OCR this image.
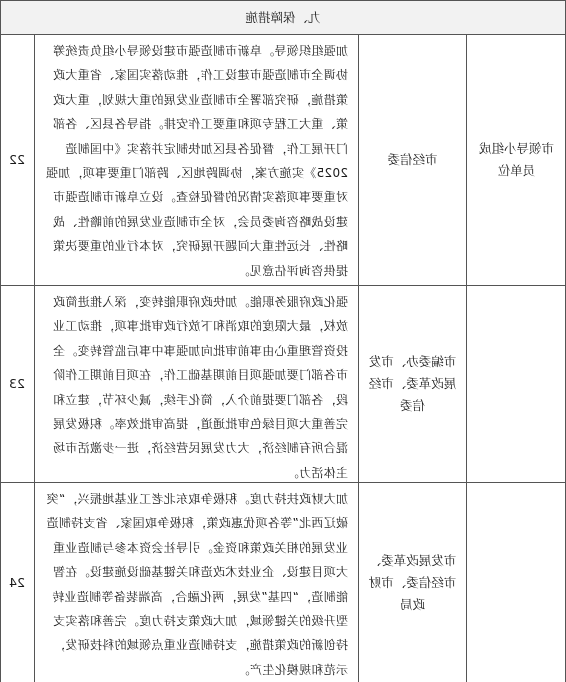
九、保障措施
市领导小组成员单位
市经信委
加强组织领导。阜新市制造强市建设领导小组负责统筹协调全市制造强市建设工作，推动落实国家、省重大政策措施，研究部署全市制造业发展的重大规划，重大政策、重大工程专项和重要工作安排。指导各县区、各部门开展工作，督促各县区加快制定并落实《中国制造2025》实施方案，协调跨地区、跨部门重要事项，加强对重要事项落实情况的督促检查。设立阜新市制造强市建设战略咨询委员会，对全市制造业发展的前瞻性、战略性、长远性重大问题开展研究，对本行业的重要决策提供咨询评估意见。
22
市编委办、市发展改革委、市经信委
强化政府服务职能。加快政府职能转变，深入推进简政放权，最大限度的取消和下放行政审批事项，推动工业投资管理重心由事前审批向加强事中事后监管转变。全市各部门要加强项目前期基础工作，在项目前期工作阶段，各部门要提前介入，简化手续，减少环节，建立和完善重大项目绿色审批通道，提高审批效率。积极发展混合所有制经济，大力发展民营经济，进一步激活市场主体活力。
23
市发展改革委、市经信委、市财政局
加大财政扶持力度。积极争取东北老工业基地振兴，“突破辽西北”等各项优惠政策，积极争取国家、省支持制造业发展的相关政策和资金。引导社会资本参与制造业重大项目建设、企业技术改造和关键基础设施建设。在智能制造，“四基”发展，两化融合，高端装备等制造业转型升级的关键领域，加大政策支持力度。完善和落实支持创新的政策措施，支持制造业重点领域的科技研发，示范和规模化生产。
24
